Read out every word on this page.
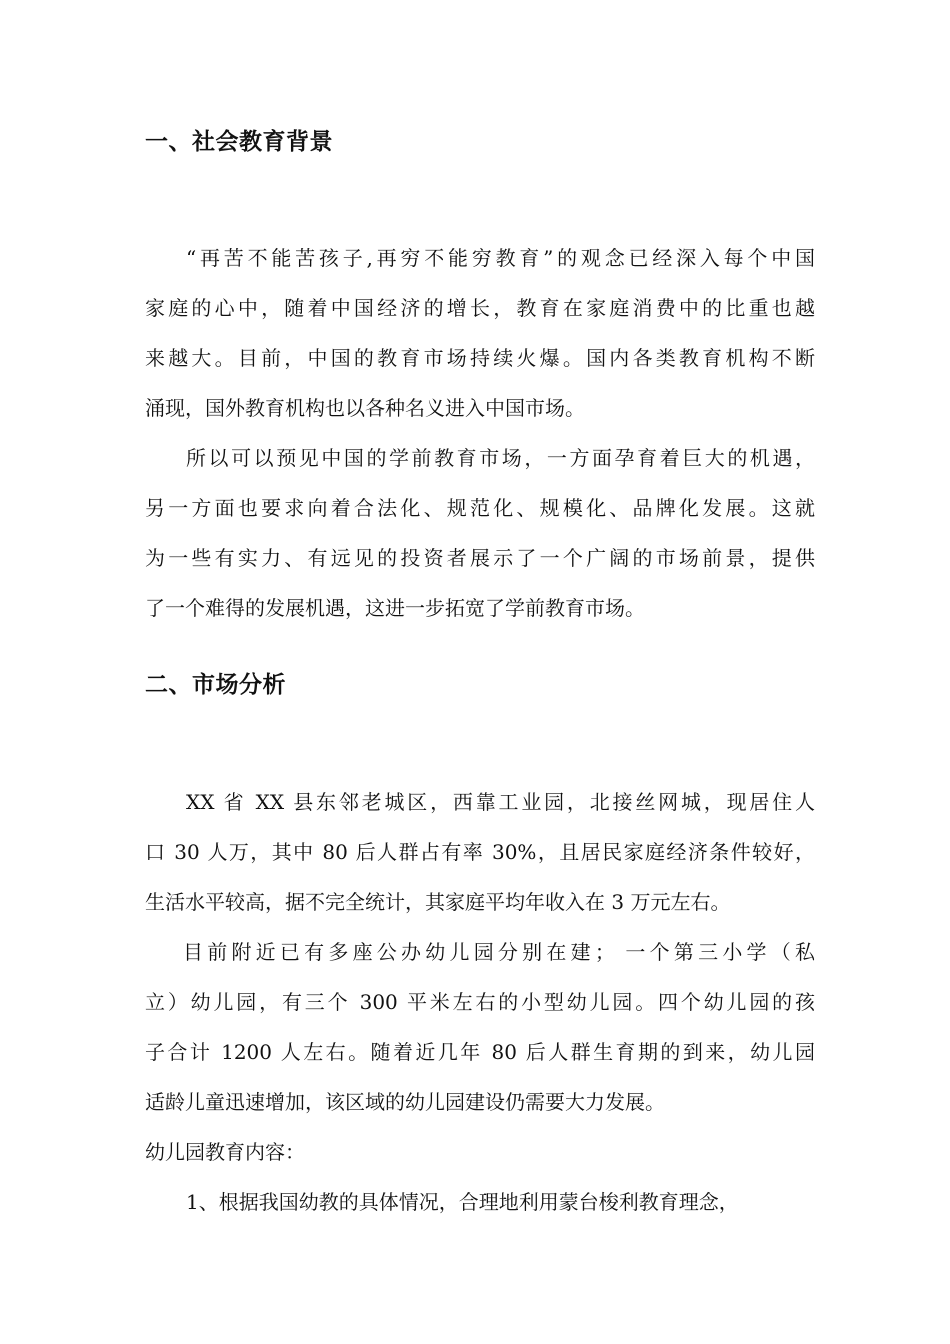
一、社会教育背景
“再苦不能苦孩子,再穷不能穷教育”的观念已经深入每个中国
家庭的心中，随着中国经济的增长，教育在家庭消费中的比重也越
来越大。目前，中国的教育市场持续火爆。国内各类教育机构不断
涌现，国外教育机构也以各种名义进入中国市场。
所以可以预见中国的学前教育市场，一方面孕育着巨大的机遇，
另一方面也要求向着合法化、规范化、规模化、品牌化发展。这就
为一些有实力、有远见的投资者展示了一个广阔的市场前景，提供
了一个难得的发展机遇，这进一步拓宽了学前教育市场。
二、市场分析
XX 省 XX 县东邻老城区，西靠工业园，北接丝网城，现居住人
口 30 人万，其中 80 后人群占有率 30%，且居民家庭经济条件较好，
生活水平较高，据不完全统计，其家庭平均年收入在 3 万元左右。
目前附近已有多座公办幼儿园分别在建； 一个第三小学（私
立）幼儿园，有三个 300 平米左右的小型幼儿园。四个幼儿园的孩
子合计 1200 人左右。随着近几年 80 后人群生育期的到来，幼儿园
适龄儿童迅速增加，该区域的幼儿园建设仍需要大力发展。
幼儿园教育内容：
1、根据我国幼教的具体情况，合理地利用蒙台梭利教育理念，
